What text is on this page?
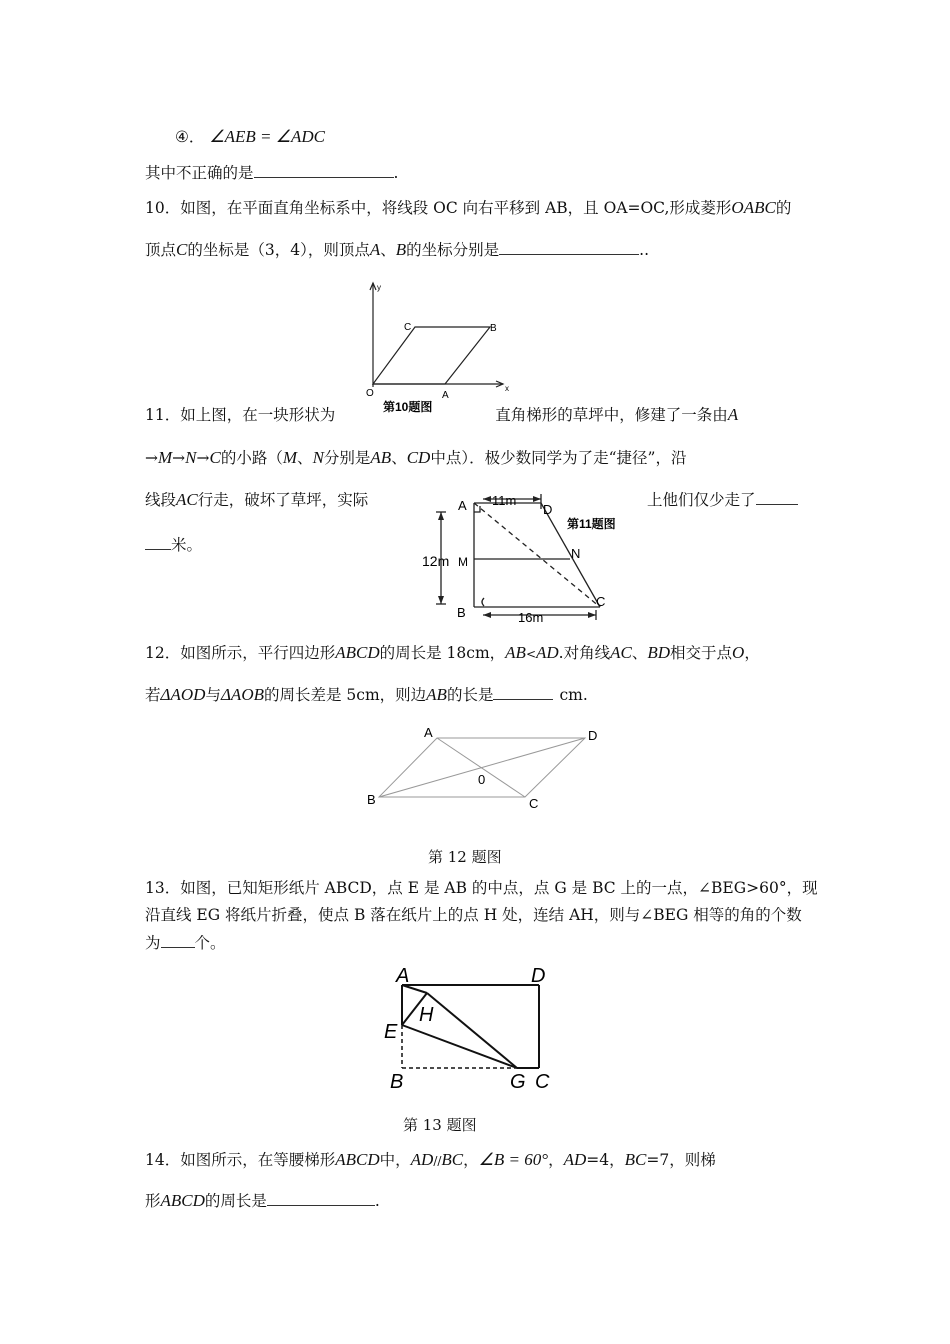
④． ∠AEB = ∠ADC
其中不正确的是	.
10．如图，在平面直角坐标系中，将线段 OC 向右平移到 AB，且 OA=OC,形成菱形OABC的
顶点C的坐标是（3，4），则顶点A、B的坐标分别是	..
y
x
O	A
B
C
第10题图
11．如上图，在一块形状为	直角梯形的草坪中，修建了一条由A
→M→N→C的小路（M、N分别是AB、CD中点）．极少数同学为了走“捷径”，沿
线段AC行走，破坏了草坪，实际	上他们仅少走了
米。
A	D
M
N
B
C
11m
12m
16m
第11题图
12．如图所示，平行四边形ABCD的周长是 18cm，AB<AD.对角线AC、BD相交于点O，
若ΔAOD与ΔAOB的周长差是 5cm，则边AB的长是	cm.
A	D
B	C
0
第 12 题图
13．如图，已知矩形纸片 ABCD，点 E 是 AB 的中点，点 G 是 BC 上的一点，∠BEG>60°，现
沿直线 EG 将纸片折叠，使点 B 落在纸片上的点 H 处，连结 AH，则与∠BEG 相等的角的个数
为 个。
A	D
E
H
B	G C
第 13 题图
14．如图所示，在等腰梯形ABCD中，AD//BC，∠B = 60°，AD=4，BC=7，则梯
形ABCD的周长是	.
